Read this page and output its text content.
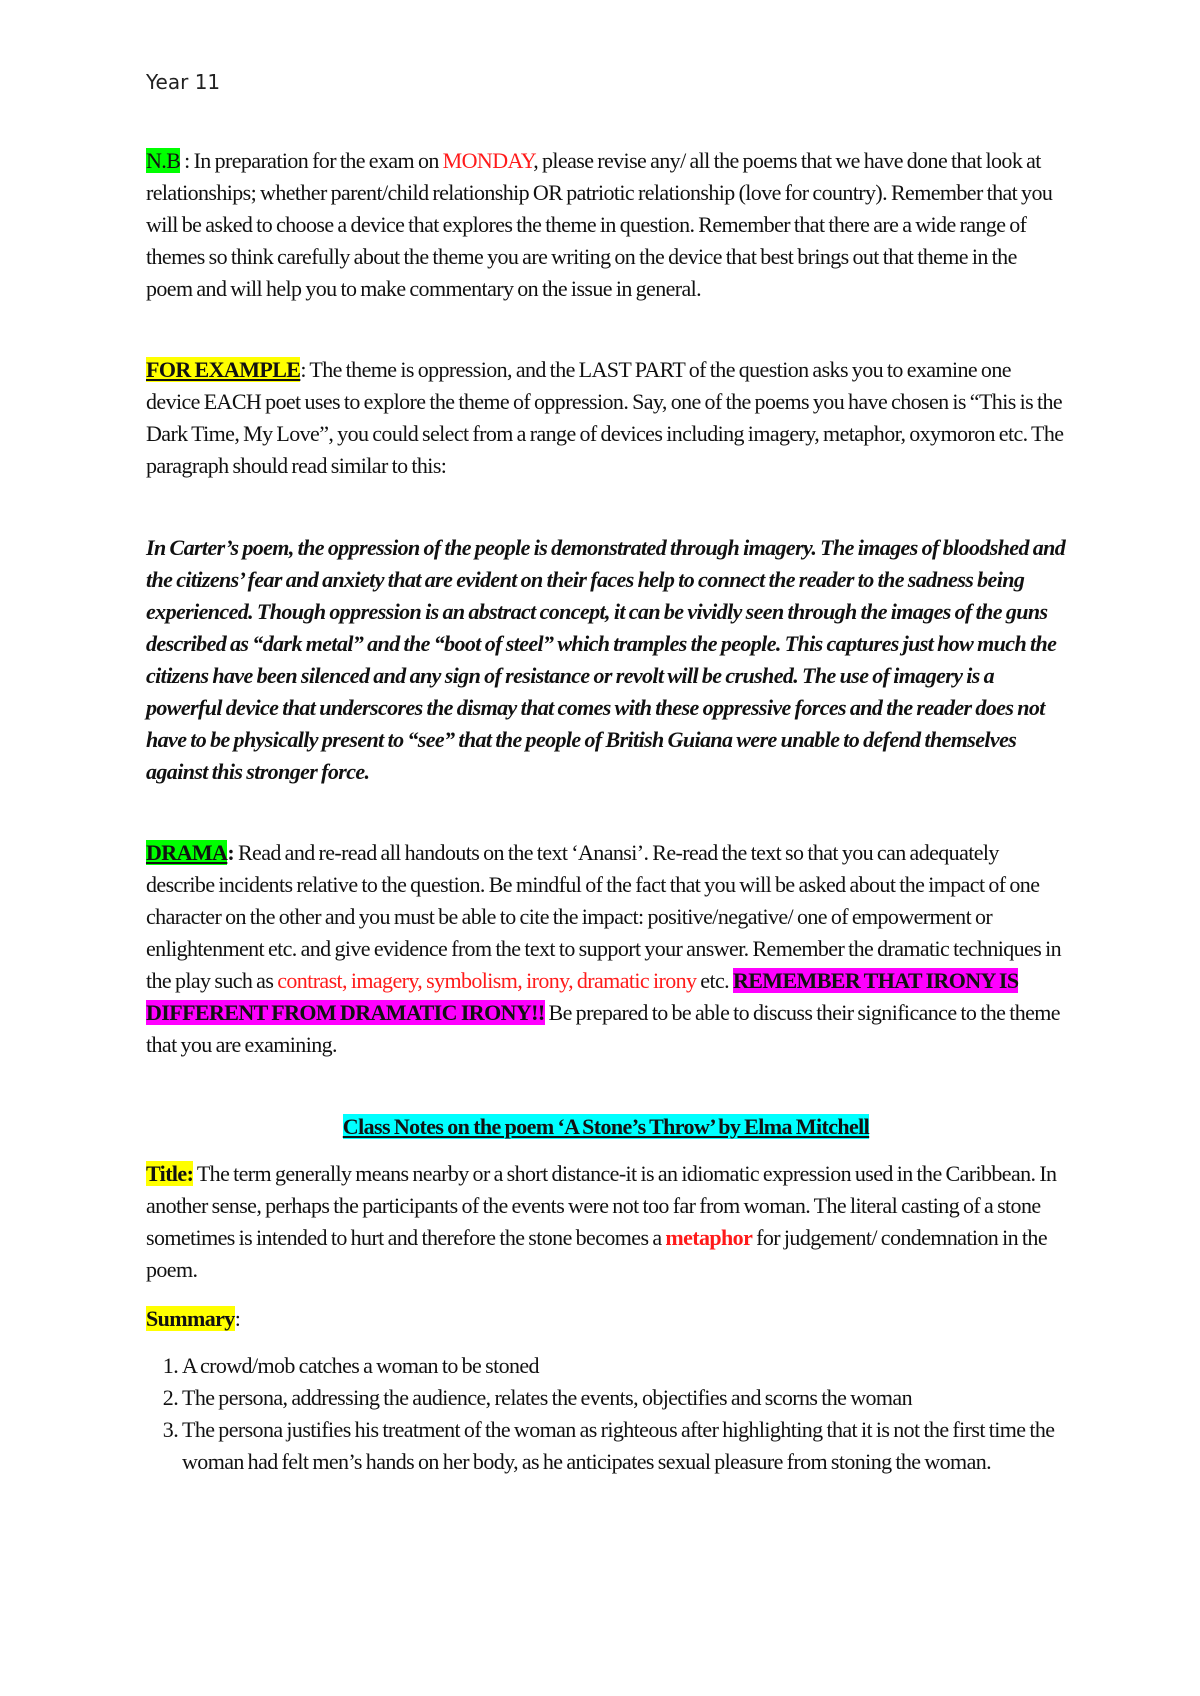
Year 11

N.B : In preparation for the exam on MONDAY, please revise any/ all the poems that we have done that look at relationships; whether parent/child relationship OR patriotic relationship (love for country). Remember that you will be asked to choose a device that explores the theme in question. Remember that there are a wide range of themes so think carefully about the theme you are writing on the device that best brings out that theme in the poem and will help you to make commentary on the issue in general.

FOR EXAMPLE: The theme is oppression, and the LAST PART of the question asks you to examine one device EACH poet uses to explore the theme of oppression. Say, one of the poems you have chosen is “This is the Dark Time, My Love”, you could select from a range of devices including imagery, metaphor, oxymoron etc. The paragraph should read similar to this:

In Carter’s poem, the oppression of the people is demonstrated through imagery. The images of bloodshed and the citizens’ fear and anxiety that are evident on their faces help to connect the reader to the sadness being experienced. Though oppression is an abstract concept, it can be vividly seen through the images of the guns described as “dark metal” and the “boot of steel” which tramples the people. This captures just how much the citizens have been silenced and any sign of resistance or revolt will be crushed. The use of imagery is a powerful device that underscores the dismay that comes with these oppressive forces and the reader does not have to be physically present to “see” that the people of British Guiana were unable to defend themselves against this stronger force.

DRAMA: Read and re-read all handouts on the text ‘Anansi’. Re-read the text so that you can adequately describe incidents relative to the question. Be mindful of the fact that you will be asked about the impact of one character on the other and you must be able to cite the impact: positive/negative/ one of empowerment or enlightenment etc. and give evidence from the text to support your answer. Remember the dramatic techniques in the play such as contrast, imagery, symbolism, irony, dramatic irony etc. REMEMBER THAT IRONY IS DIFFERENT FROM DRAMATIC IRONY!! Be prepared to be able to discuss their significance to the theme that you are examining.

Class Notes on the poem ‘A Stone’s Throw’ by Elma Mitchell

Title: The term generally means nearby or a short distance-it is an idiomatic expression used in the Caribbean. In another sense, perhaps the participants of the events were not too far from woman. The literal casting of a stone sometimes is intended to hurt and therefore the stone becomes a metaphor for judgement/ condemnation in the poem.

Summary:

1. A crowd/mob catches a woman to be stoned
2. The persona, addressing the audience, relates the events, objectifies and scorns the woman
3. The persona justifies his treatment of the woman as righteous after highlighting that it is not the first time the woman had felt men’s hands on her body, as he anticipates sexual pleasure from stoning the woman.
